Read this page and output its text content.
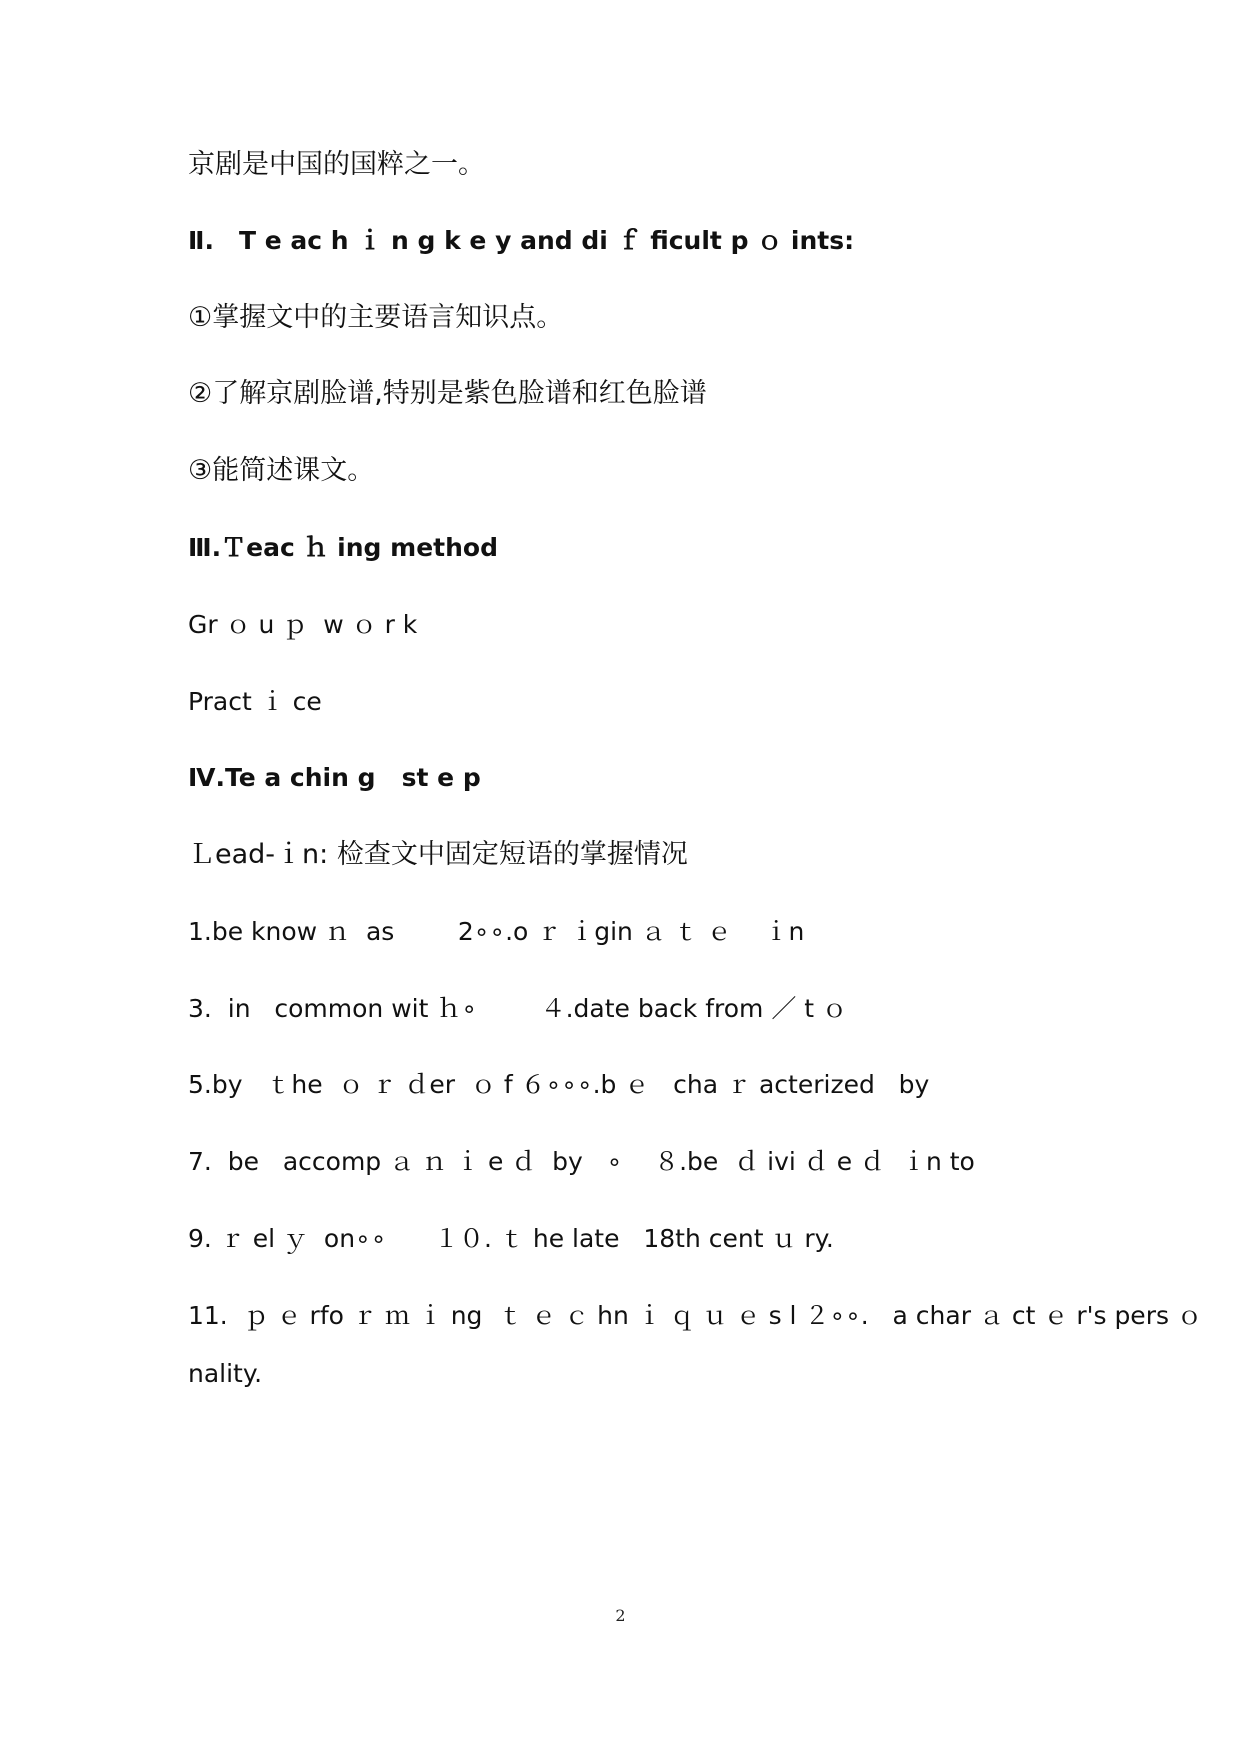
京剧是中国的国粹之一。
Ⅱ.　T e ac h ｉ n g k e y and di ｆ ficult p ｏ ints:
①掌握文中的主要语言知识点。
②了解京剧脸谱,特别是紫色脸谱和红色脸谱
③能简述课文。
Ⅲ.Ｔeac ｈ ing method
Gr ｏ u ｐ  w ｏ r k
Pract ｉ ce
Ⅳ.Te a chin g   st e p
Ｌead-ｉn: 检查文中固定短语的掌握情况
1.be know ｎ  as        2∘∘.o ｒ ｉgin ａ ｔ ｅ    ｉn
3.  in   common wit ｈ∘        ４.date back from ／ t ｏ
5.by   ｔhe  ｏ ｒ ｄer  ｏ f ６∘∘∘.b ｅ   cha ｒ acterized   by
7.  be   accomp ａ ｎ ｉ e ｄ  by   ∘    ８.be  ｄ ivi ｄ e ｄ  ｉn to
9. ｒ el ｙ  on∘∘      １０. ｔ he late   18th cent ｕ ry.
11.  ｐ ｅ rfo ｒ ｍ ｉ ng  ｔ ｅ ｃ hn ｉ ｑ ｕ ｅ s l ２∘∘.   a char ａ ct ｅ r's pers ｏ
nality.
2
